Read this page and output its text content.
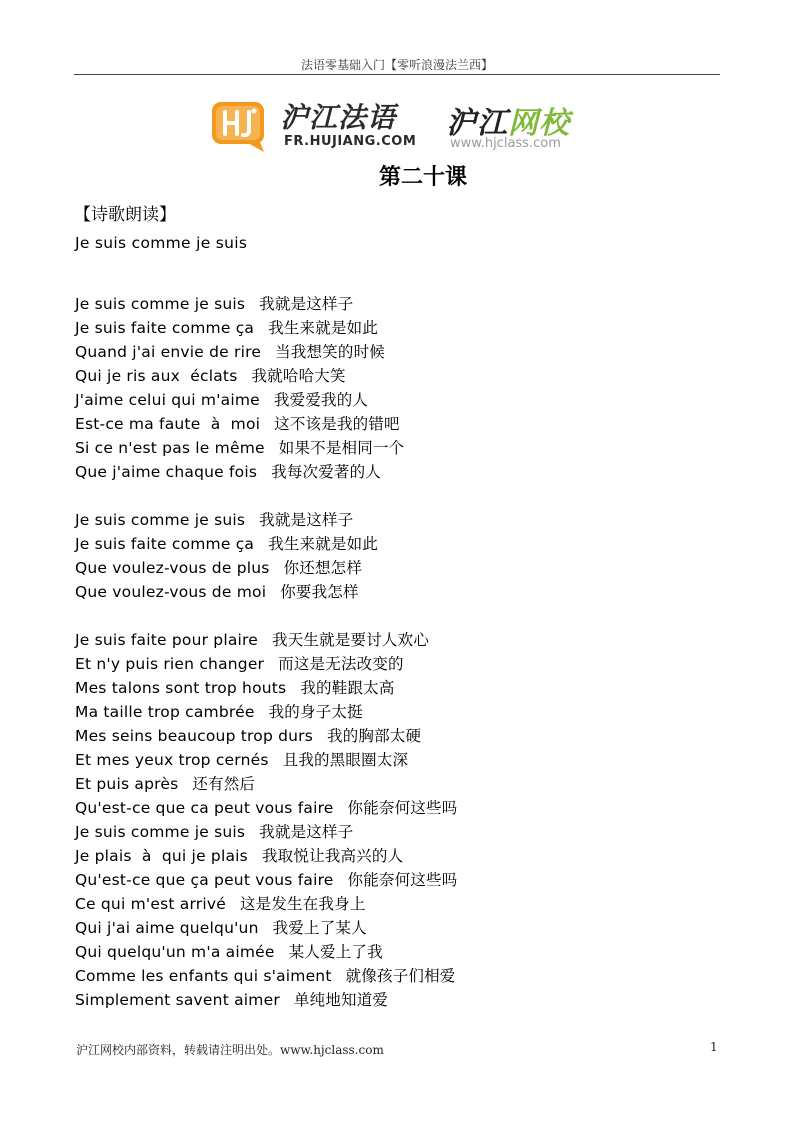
法语零基础入门【零听浪漫法兰西】
沪江法语
FR.HUJIANG.COM
沪江网校
www.hjclass.com
第二十课
【诗歌朗读】
Je suis comme je suis
Je suis comme je suis 我就是这样子
Je suis faite comme ça 我生来就是如此
Quand j'ai envie de rire 当我想笑的时候
Qui je ris aux  éclats 我就哈哈大笑
J'aime celui qui m'aime 我爱爱我的人
Est-ce ma faute  à  moi 这不该是我的错吧
Si ce n'est pas le même 如果不是相同一个
Que j'aime chaque fois 我每次爱著的人
Je suis comme je suis 我就是这样子
Je suis faite comme ça 我生来就是如此
Que voulez-vous de plus 你还想怎样
Que voulez-vous de moi 你要我怎样
Je suis faite pour plaire 我天生就是要讨人欢心
Et n'y puis rien changer 而这是无法改变的
Mes talons sont trop houts 我的鞋跟太高
Ma taille trop cambrée 我的身子太挺
Mes seins beaucoup trop durs 我的胸部太硬
Et mes yeux trop cernés 且我的黑眼圈太深
Et puis après 还有然后
Qu'est-ce que ca peut vous faire 你能奈何这些吗
Je suis comme je suis 我就是这样子
Je plais  à  qui je plais 我取悦让我高兴的人
Qu'est-ce que ça peut vous faire 你能奈何这些吗
Ce qui m'est arrivé 这是发生在我身上
Qui j'ai aime quelqu'un 我爱上了某人
Qui quelqu'un m'a aimée 某人爱上了我
Comme les enfants qui s'aiment 就像孩子们相爱
Simplement savent aimer 单纯地知道爱
沪江网校内部资料，转载请注明出处。www.hjclass.com	1
